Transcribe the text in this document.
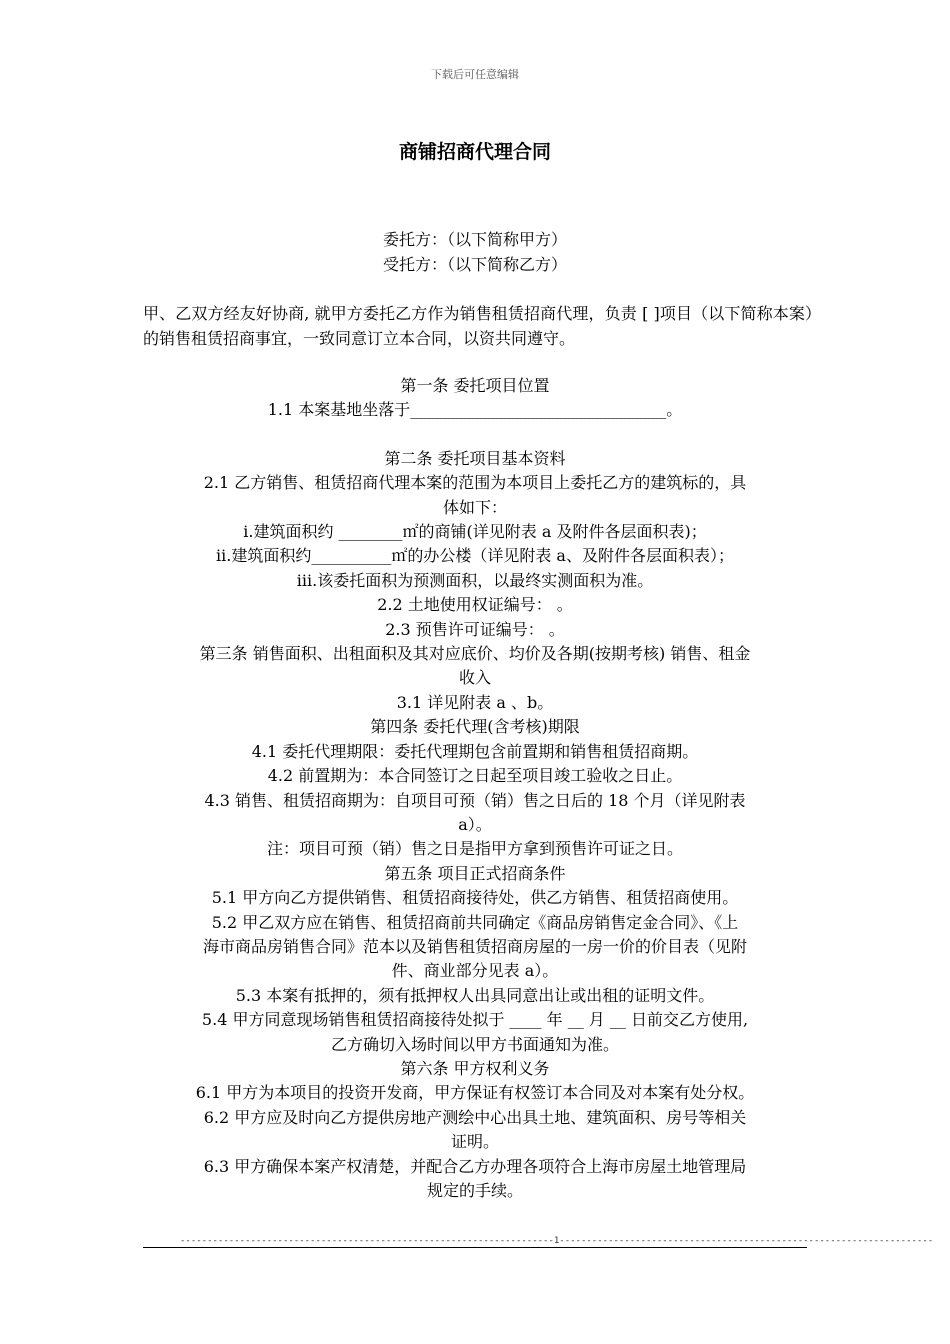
下载后可任意编辑
商铺招商代理合同
委托方：（以下简称甲方）
受托方：（以下简称乙方）
甲、乙双方经友好协商, 就甲方委托乙方作为销售租赁招商代理，负责 [ ]项目（以下简称本案）的销售租赁招商事宜，一致同意订立本合同，以资共同遵守。

第一条 委托项目位置

1.1 本案基地坐落于________________________________。

第二条 委托项目基本资料

2.1 乙方销售、租赁招商代理本案的范围为本项目上委托乙方的建筑标的，具

体如下：

i.建筑面积约 ________㎡的商铺(详见附表 a 及附件各层面积表)；

ii.建筑面积约__________㎡的办公楼（详见附表 a、及附件各层面积表）；

iii.该委托面积为预测面积，以最终实测面积为准。

2.2 土地使用权证编号： 。

2.3 预售许可证编号： 。

第三条 销售面积、出租面积及其对应底价、均价及各期(按期考核) 销售、租金

收入

3.1 详见附表 a 、b。

第四条 委托代理(含考核)期限

4.1 委托代理期限：委托代理期包含前置期和销售租赁招商期。

4.2 前置期为：本合同签订之日起至项目竣工验收之日止。

4.3 销售、租赁招商期为：自项目可预（销）售之日后的 18 个月（详见附表

a）。

注：项目可预（销）售之日是指甲方拿到预售许可证之日。

第五条 项目正式招商条件

5.1 甲方向乙方提供销售、租赁招商接待处，供乙方销售、租赁招商使用。

5.2 甲乙双方应在销售、租赁招商前共同确定《商品房销售定金合同》、《上

海市商品房销售合同》范本以及销售租赁招商房屋的一房一价的价目表（见附

件、商业部分见表 a）。

5.3 本案有抵押的，须有抵押权人出具同意出让或出租的证明文件。

5.4 甲方同意现场销售租赁招商接待处拟于 ____ 年 __ 月 __ 日前交乙方使用,

乙方确切入场时间以甲方书面通知为准。

第六条 甲方权利义务

6.1 甲方为本项目的投资开发商，甲方保证有权签订本合同及对本案有处分权。

6.2 甲方应及时向乙方提供房地产测绘中心出具土地、建筑面积、房号等相关

证明。

6.3 甲方确保本案产权清楚，并配合乙方办理各项符合上海市房屋土地管理局

规定的手续。

---------------------------------------------------------------------1---------------------------------------------------------------------
